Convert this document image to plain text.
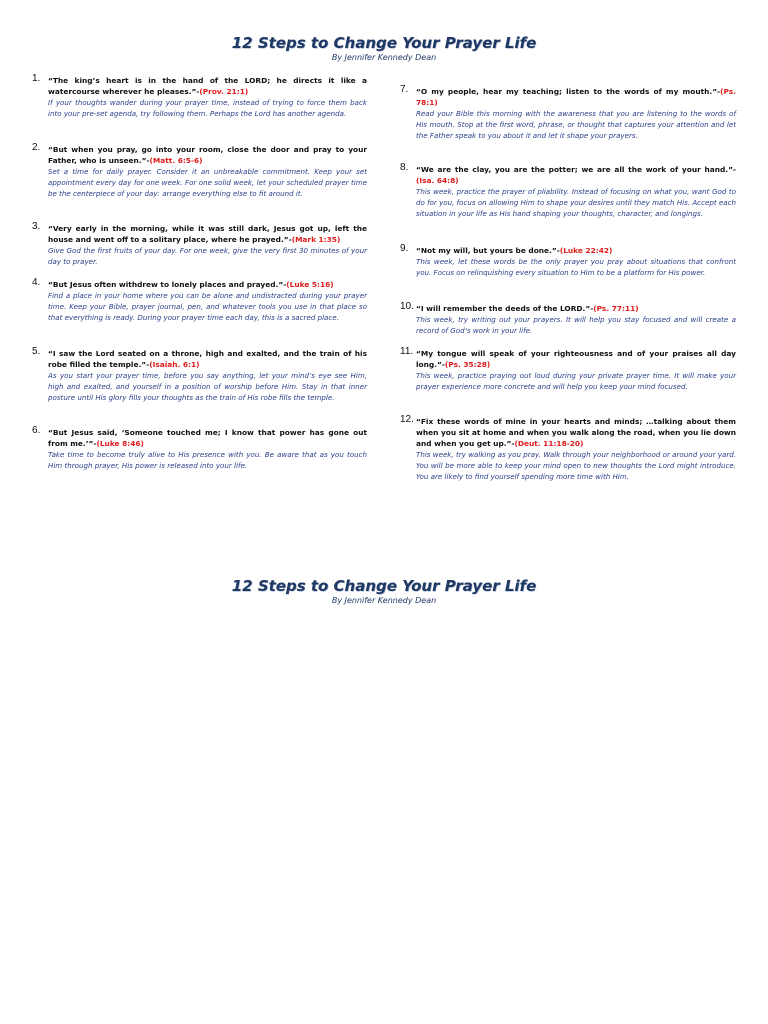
12 Steps to Change Your Prayer Life
By Jennifer Kennedy Dean
1. “The king’s heart is in the hand of the LORD; he directs it like a watercourse wherever he pleases.”-(Prov. 21:1)
If your thoughts wander during your prayer time, instead of trying to force them back into your pre-set agenda, try following them. Perhaps the Lord has another agenda.
2. “But when you pray, go into your room, close the door and pray to your Father, who is unseen.”-(Matt. 6:5-6)
Set a time for daily prayer. Consider it an unbreakable commitment. Keep your set appointment every day for one week. For one solid week, let your scheduled prayer time be the centerpiece of your day: arrange everything else to fit around it.
3. “Very early in the morning, while it was still dark, Jesus got up, left the house and went off to a solitary place, where he prayed.”-(Mark 1:35)
Give God the first fruits of your day. For one week, give the very first 30 minutes of your day to prayer.
4. “But Jesus often withdrew to lonely places and prayed.”-(Luke 5:16)
Find a place in your home where you can be alone and undistracted during your prayer time. Keep your Bible, prayer journal, pen, and whatever tools you use in that place so that everything is ready. During your prayer time each day, this is a sacred place.
5. “I saw the Lord seated on a throne, high and exalted, and the train of his robe filled the temple.”-(Isaiah. 6:1)
As you start your prayer time, before you say anything, let your mind’s eye see Him, high and exalted, and yourself in a position of worship before Him. Stay in that inner posture until His glory fills your thoughts as the train of His robe fills the temple.
6. “But Jesus said, ‘Someone touched me; I know that power has gone out from me.’”-(Luke 8:46)
Take time to become truly alive to His presence with you. Be aware that as you touch Him through prayer, His power is released into your life.
7. “O my people, hear my teaching; listen to the words of my mouth.”-(Ps. 78:1)
Read your Bible this morning with the awareness that you are listening to the words of His mouth. Stop at the first word, phrase, or thought that captures your attention and let the Father speak to you about it and let it shape your prayers.
8. “We are the clay, you are the potter; we are all the work of your hand.”-(Isa. 64:8)
This week, practice the prayer of pliability. Instead of focusing on what you, want God to do for you, focus on allowing Him to shape your desires until they match His. Accept each situation in your life as His hand shaping your thoughts, character, and longings.
9. “Not my will, but yours be done.”-(Luke 22:42)
This week, let these words be the only prayer you pray about situations that confront you. Focus on relinquishing every situation to Him to be a platform for His power.
10. “I will remember the deeds of the LORD.”-(Ps. 77:11)
This week, try writing out your prayers. It will help you stay focused and will create a record of God’s work in your life.
11. “My tongue will speak of your righteousness and of your praises all day long.”-(Ps. 35:28)
This week, practice praying out loud during your private prayer time. It will make your prayer experience more concrete and will help you keep your mind focused.
12. “Fix these words of mine in your hearts and minds; …talking about them when you sit at home and when you walk along the road, when you lie down and when you get up.”-(Deut. 11:18-20)
This week, try walking as you pray. Walk through your neighborhood or around your yard. You will be more able to keep your mind open to new thoughts the Lord might introduce. You are likely to find yourself spending more time with Him.
12 Steps to Change Your Prayer Life
By Jennifer Kennedy Dean
